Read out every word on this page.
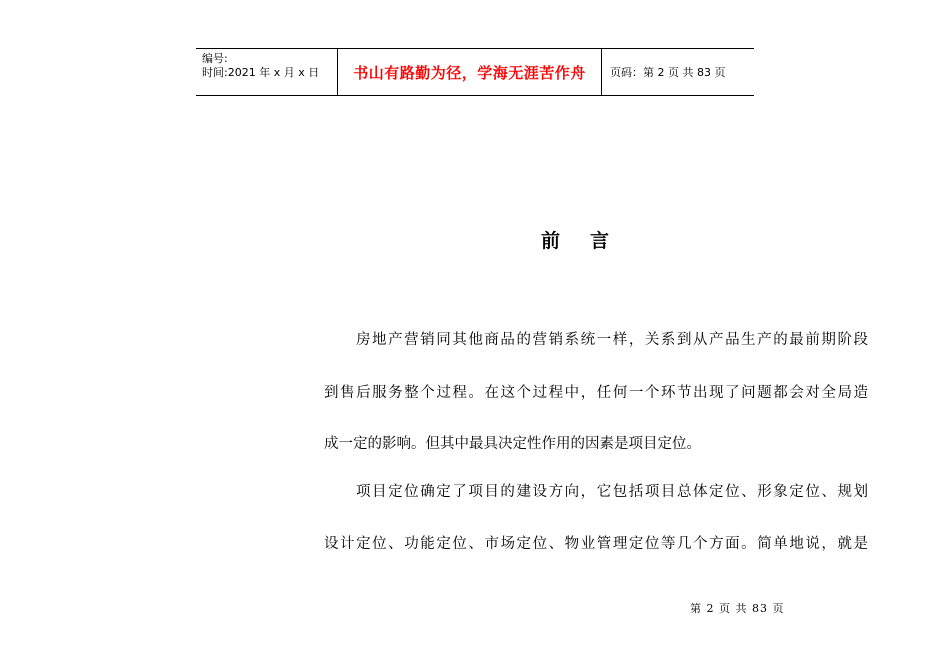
编号:
时间:2021 年 x 月 x 日	书山有路勤为径，学海无涯苦作舟	页码：第 2 页 共 83 页
前言
房地产营销同其他商品的营销系统一样，关系到从产品生产的最前期阶段
到售后服务整个过程。在这个过程中，任何一个环节出现了问题都会对全局造
成一定的影响。但其中最具决定性作用的因素是项目定位。
项目定位确定了项目的建设方向，它包括项目总体定位、形象定位、规划
设计定位、功能定位、市场定位、物业管理定位等几个方面。简单地说，就是
第 2 页 共 83 页
